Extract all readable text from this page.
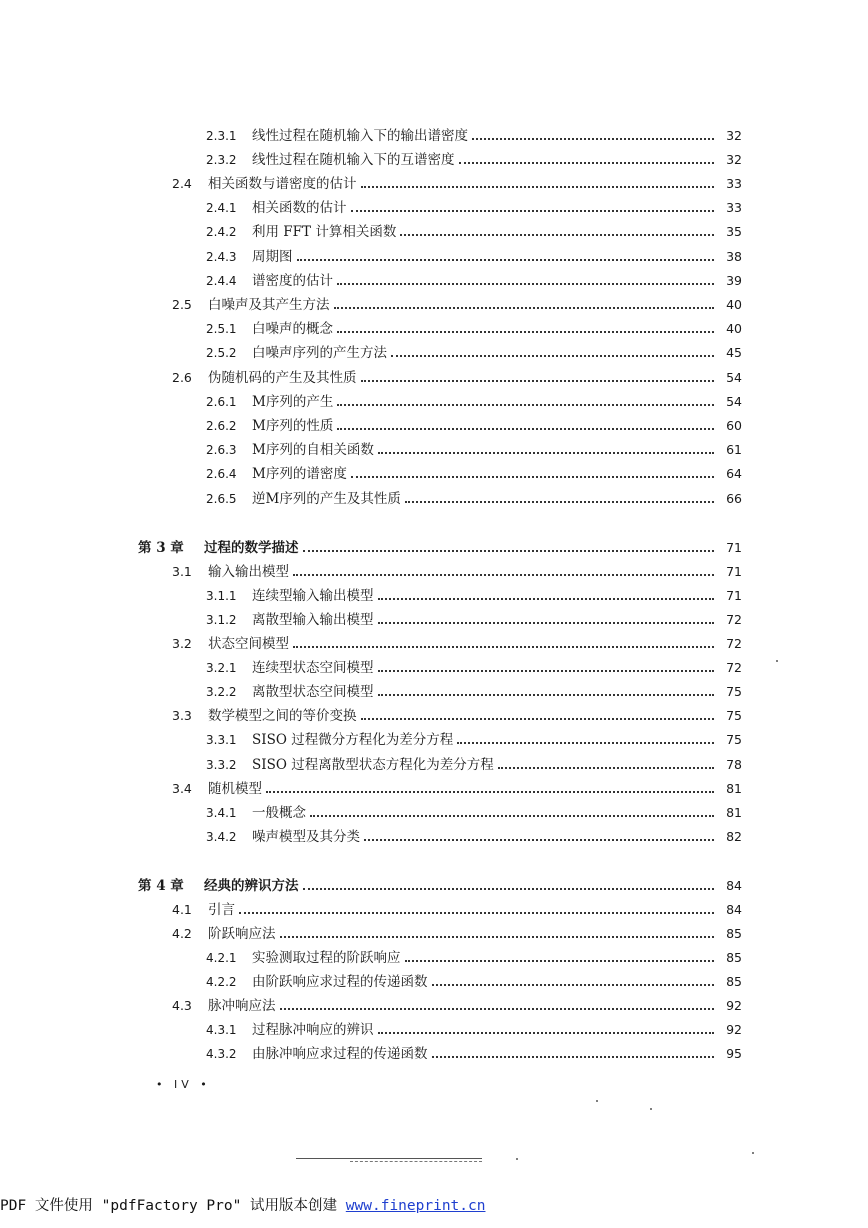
2.3.1	线性过程在随机输入下的输出谱密度	32
2.3.2	线性过程在随机输入下的互谱密度	32
2.4	相关函数与谱密度的估计	33
2.4.1	相关函数的估计	33
2.4.2	利用 FFT 计算相关函数	35
2.4.3	周期图	38
2.4.4	谱密度的估计	39
2.5	白噪声及其产生方法	40
2.5.1	白噪声的概念	40
2.5.2	白噪声序列的产生方法	45
2.6	伪随机码的产生及其性质	54
2.6.1	M序列的产生	54
2.6.2	M序列的性质	60
2.6.3	M序列的自相关函数	61
2.6.4	M序列的谱密度	64
2.6.5	逆M序列的产生及其性质	66
第 3 章	过程的数学描述	71
3.1	输入输出模型	71
3.1.1	连续型输入输出模型	71
3.1.2	离散型输入输出模型	72
3.2	状态空间模型	72
3.2.1	连续型状态空间模型	72
3.2.2	离散型状态空间模型	75
3.3	数学模型之间的等价变换	75
3.3.1	SISO 过程微分方程化为差分方程	75
3.3.2	SISO 过程离散型状态方程化为差分方程	78
3.4	随机模型	81
3.4.1	一般概念	81
3.4.2	噪声模型及其分类	82
第 4 章	经典的辨识方法	84
4.1	引言	84
4.2	阶跃响应法	85
4.2.1	实验测取过程的阶跃响应	85
4.2.2	由阶跃响应求过程的传递函数	85
4.3	脉冲响应法	92
4.3.1	过程脉冲响应的辨识	92
4.3.2	由脉冲响应求过程的传递函数	95
• IV •
PDF 文件使用 "pdfFactory Pro" 试用版本创建 www.fineprint.cn
